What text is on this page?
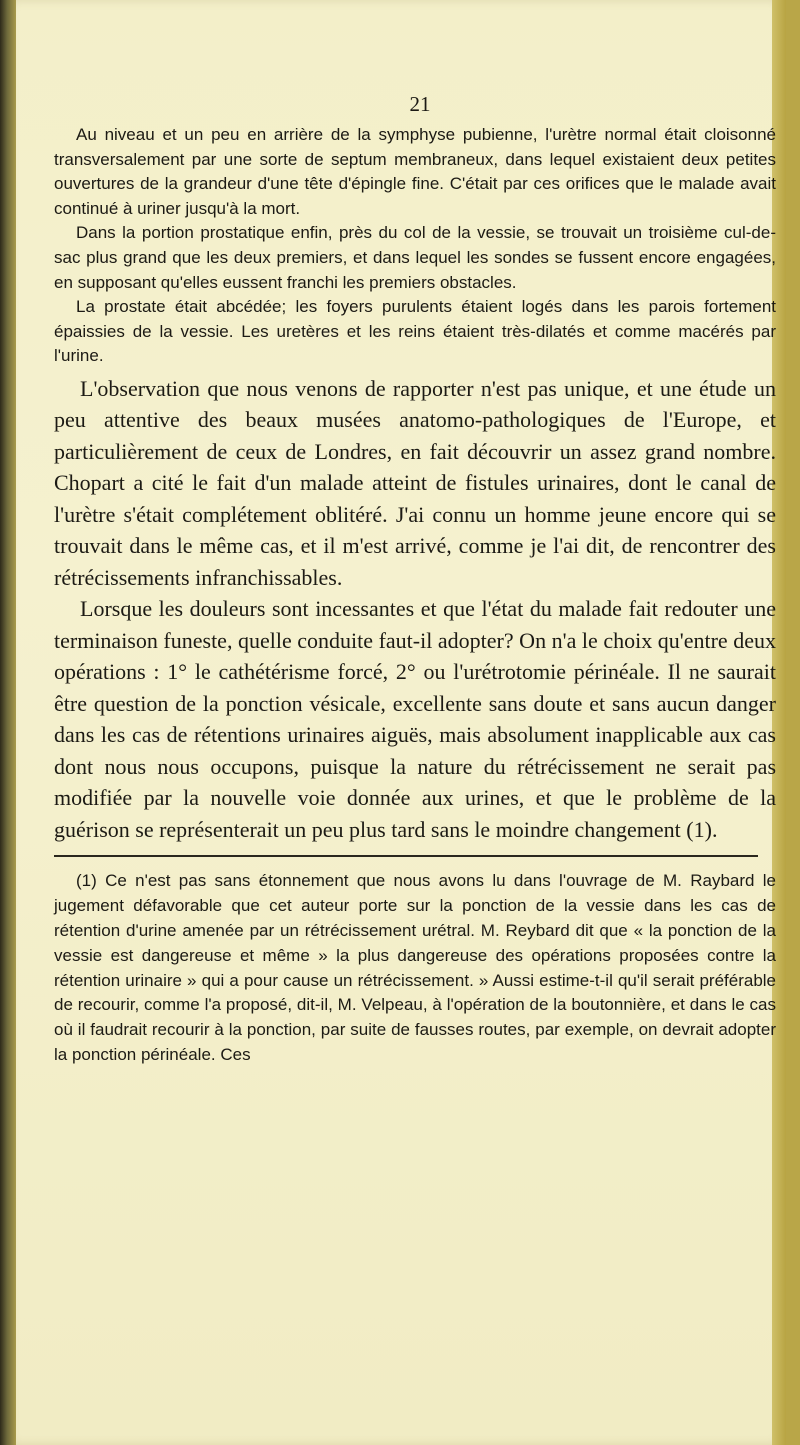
21

Au niveau et un peu en arrière de la symphyse pubienne, l'urètre normal était cloisonné transversalement par une sorte de septum membraneux, dans lequel existaient deux petites ouvertures de la grandeur d'une tête d'épingle fine. C'était par ces orifices que le malade avait continué à uriner jusqu'à la mort.

Dans la portion prostatique enfin, près du col de la vessie, se trouvait un troisième cul-de-sac plus grand que les deux premiers, et dans lequel les sondes se fussent encore engagées, en supposant qu'elles eussent franchi les premiers obstacles.

La prostate était abcédée; les foyers purulents étaient logés dans les parois fortement épaissies de la vessie. Les uretères et les reins étaient très-dilatés et comme macérés par l'urine.

L'observation que nous venons de rapporter n'est pas unique, et une étude un peu attentive des beaux musées anatomo-pathologiques de l'Europe, et particulièrement de ceux de Londres, en fait découvrir un assez grand nombre. Chopart a cité le fait d'un malade atteint de fistules urinaires, dont le canal de l'urètre s'était complétement oblitéré. J'ai connu un homme jeune encore qui se trouvait dans le même cas, et il m'est arrivé, comme je l'ai dit, de rencontrer des rétrécissements infranchissables.

Lorsque les douleurs sont incessantes et que l'état du malade fait redouter une terminaison funeste, quelle conduite faut-il adopter? On n'a le choix qu'entre deux opérations : 1° le cathétérisme forcé, 2° ou l'urétrotomie périnéale. Il ne saurait être question de la ponction vésicale, excellente sans doute et sans aucun danger dans les cas de rétentions urinaires aiguës, mais absolument inapplicable aux cas dont nous nous occupons, puisque la nature du rétrécissement ne serait pas modifiée par la nouvelle voie donnée aux urines, et que le problème de la guérison se représenterait un peu plus tard sans le moindre changement (1).

(1) Ce n'est pas sans étonnement que nous avons lu dans l'ouvrage de M. Raybard le jugement défavorable que cet auteur porte sur la ponction de la vessie dans les cas de rétention d'urine amenée par un rétrécissement urétral. M. Reybard dit que « la ponction de la vessie est dangereuse et même » la plus dangereuse des opérations proposées contre la rétention urinaire » qui a pour cause un rétrécissement. » Aussi estime-t-il qu'il serait préférable de recourir, comme l'a proposé, dit-il, M. Velpeau, à l'opération de la boutonnière, et dans le cas où il faudrait recourir à la ponction, par suite de fausses routes, par exemple, on devrait adopter la ponction périnéale. Ces
